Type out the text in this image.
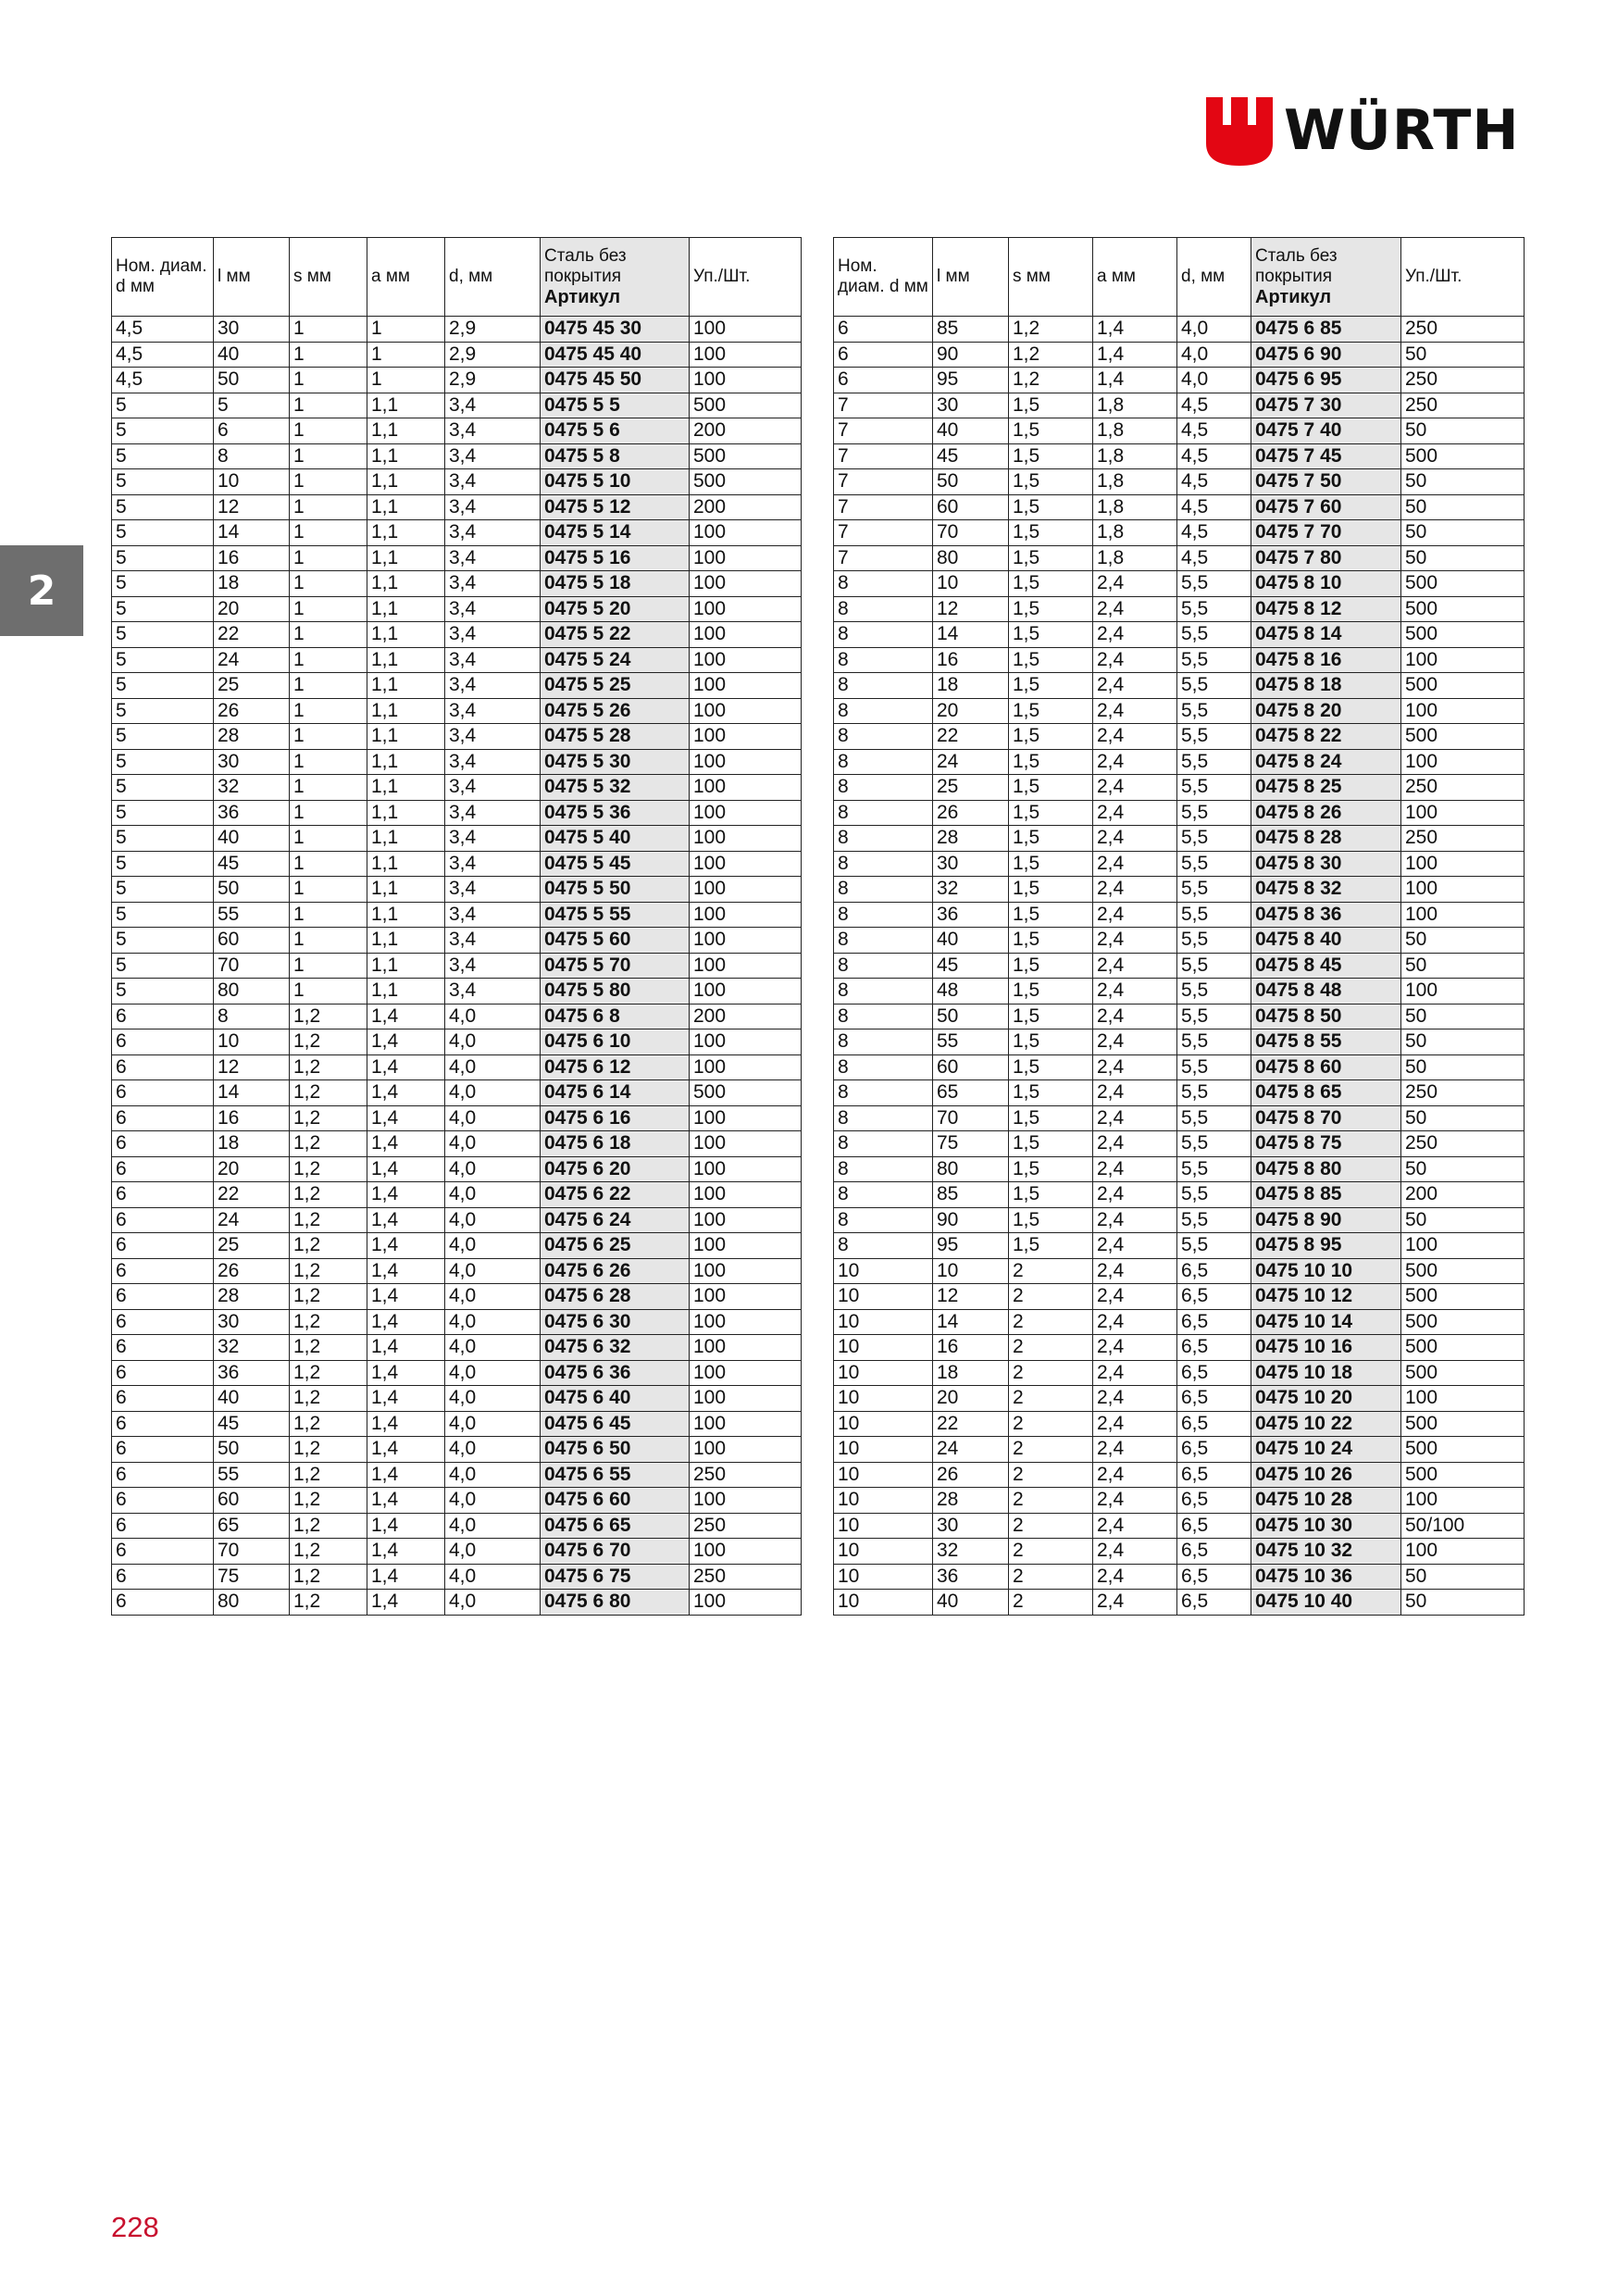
WÜRTH
2
Ном. диам. d мм	l мм	s мм	a мм	d, мм	Сталь без покрытия
Артикул	Уп./Шт.
4,5	30	1	1	2,9	0475 45 30	100
4,5	40	1	1	2,9	0475 45 40	100
4,5	50	1	1	2,9	0475 45 50	100
5	5	1	1,1	3,4	0475 5 5	500
5	6	1	1,1	3,4	0475 5 6	200
5	8	1	1,1	3,4	0475 5 8	500
5	10	1	1,1	3,4	0475 5 10	500
5	12	1	1,1	3,4	0475 5 12	200
5	14	1	1,1	3,4	0475 5 14	100
5	16	1	1,1	3,4	0475 5 16	100
5	18	1	1,1	3,4	0475 5 18	100
5	20	1	1,1	3,4	0475 5 20	100
5	22	1	1,1	3,4	0475 5 22	100
5	24	1	1,1	3,4	0475 5 24	100
5	25	1	1,1	3,4	0475 5 25	100
5	26	1	1,1	3,4	0475 5 26	100
5	28	1	1,1	3,4	0475 5 28	100
5	30	1	1,1	3,4	0475 5 30	100
5	32	1	1,1	3,4	0475 5 32	100
5	36	1	1,1	3,4	0475 5 36	100
5	40	1	1,1	3,4	0475 5 40	100
5	45	1	1,1	3,4	0475 5 45	100
5	50	1	1,1	3,4	0475 5 50	100
5	55	1	1,1	3,4	0475 5 55	100
5	60	1	1,1	3,4	0475 5 60	100
5	70	1	1,1	3,4	0475 5 70	100
5	80	1	1,1	3,4	0475 5 80	100
6	8	1,2	1,4	4,0	0475 6 8	200
6	10	1,2	1,4	4,0	0475 6 10	100
6	12	1,2	1,4	4,0	0475 6 12	100
6	14	1,2	1,4	4,0	0475 6 14	500
6	16	1,2	1,4	4,0	0475 6 16	100
6	18	1,2	1,4	4,0	0475 6 18	100
6	20	1,2	1,4	4,0	0475 6 20	100
6	22	1,2	1,4	4,0	0475 6 22	100
6	24	1,2	1,4	4,0	0475 6 24	100
6	25	1,2	1,4	4,0	0475 6 25	100
6	26	1,2	1,4	4,0	0475 6 26	100
6	28	1,2	1,4	4,0	0475 6 28	100
6	30	1,2	1,4	4,0	0475 6 30	100
6	32	1,2	1,4	4,0	0475 6 32	100
6	36	1,2	1,4	4,0	0475 6 36	100
6	40	1,2	1,4	4,0	0475 6 40	100
6	45	1,2	1,4	4,0	0475 6 45	100
6	50	1,2	1,4	4,0	0475 6 50	100
6	55	1,2	1,4	4,0	0475 6 55	250
6	60	1,2	1,4	4,0	0475 6 60	100
6	65	1,2	1,4	4,0	0475 6 65	250
6	70	1,2	1,4	4,0	0475 6 70	100
6	75	1,2	1,4	4,0	0475 6 75	250
6	80	1,2	1,4	4,0	0475 6 80	100
Ном. диам. d мм	l мм	s мм	a мм	d, мм	Сталь без покрытия
Артикул	Уп./Шт.
6	85	1,2	1,4	4,0	0475 6 85	250
6	90	1,2	1,4	4,0	0475 6 90	50
6	95	1,2	1,4	4,0	0475 6 95	250
7	30	1,5	1,8	4,5	0475 7 30	250
7	40	1,5	1,8	4,5	0475 7 40	50
7	45	1,5	1,8	4,5	0475 7 45	500
7	50	1,5	1,8	4,5	0475 7 50	50
7	60	1,5	1,8	4,5	0475 7 60	50
7	70	1,5	1,8	4,5	0475 7 70	50
7	80	1,5	1,8	4,5	0475 7 80	50
8	10	1,5	2,4	5,5	0475 8 10	500
8	12	1,5	2,4	5,5	0475 8 12	500
8	14	1,5	2,4	5,5	0475 8 14	500
8	16	1,5	2,4	5,5	0475 8 16	100
8	18	1,5	2,4	5,5	0475 8 18	500
8	20	1,5	2,4	5,5	0475 8 20	100
8	22	1,5	2,4	5,5	0475 8 22	500
8	24	1,5	2,4	5,5	0475 8 24	100
8	25	1,5	2,4	5,5	0475 8 25	250
8	26	1,5	2,4	5,5	0475 8 26	100
8	28	1,5	2,4	5,5	0475 8 28	250
8	30	1,5	2,4	5,5	0475 8 30	100
8	32	1,5	2,4	5,5	0475 8 32	100
8	36	1,5	2,4	5,5	0475 8 36	100
8	40	1,5	2,4	5,5	0475 8 40	50
8	45	1,5	2,4	5,5	0475 8 45	50
8	48	1,5	2,4	5,5	0475 8 48	100
8	50	1,5	2,4	5,5	0475 8 50	50
8	55	1,5	2,4	5,5	0475 8 55	50
8	60	1,5	2,4	5,5	0475 8 60	50
8	65	1,5	2,4	5,5	0475 8 65	250
8	70	1,5	2,4	5,5	0475 8 70	50
8	75	1,5	2,4	5,5	0475 8 75	250
8	80	1,5	2,4	5,5	0475 8 80	50
8	85	1,5	2,4	5,5	0475 8 85	200
8	90	1,5	2,4	5,5	0475 8 90	50
8	95	1,5	2,4	5,5	0475 8 95	100
10	10	2	2,4	6,5	0475 10 10	500
10	12	2	2,4	6,5	0475 10 12	500
10	14	2	2,4	6,5	0475 10 14	500
10	16	2	2,4	6,5	0475 10 16	500
10	18	2	2,4	6,5	0475 10 18	500
10	20	2	2,4	6,5	0475 10 20	100
10	22	2	2,4	6,5	0475 10 22	500
10	24	2	2,4	6,5	0475 10 24	500
10	26	2	2,4	6,5	0475 10 26	500
10	28	2	2,4	6,5	0475 10 28	100
10	30	2	2,4	6,5	0475 10 30	50/100
10	32	2	2,4	6,5	0475 10 32	100
10	36	2	2,4	6,5	0475 10 36	50
10	40	2	2,4	6,5	0475 10 40	50
228
